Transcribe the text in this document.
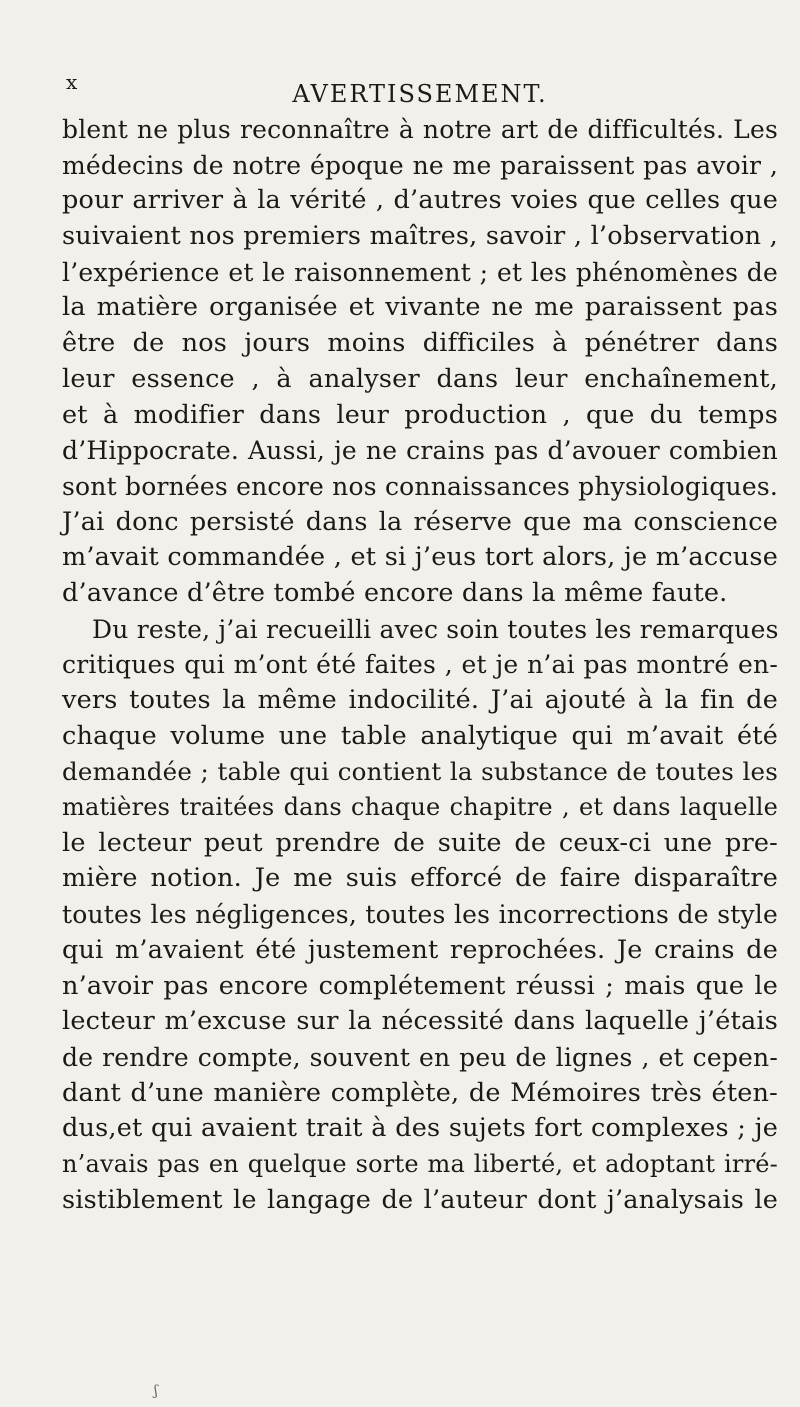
x	AVERTISSEMENT.
blent ne plus reconnaître à notre art de difficultés. Les
médecins de notre époque ne me paraissent pas avoir ,
pour arriver à la vérité , d’autres voies que celles que
suivaient nos premiers maîtres, savoir , l’observation ,
l’expérience et le raisonnement ; et les phénomènes de
la matière organisée et vivante ne me paraissent pas
être de nos jours moins difficiles à pénétrer dans
leur essence , à analyser dans leur enchaînement,
et à modifier dans leur production , que du temps
d’Hippocrate. Aussi, je ne crains pas d’avouer combien
sont bornées encore nos connaissances physiologiques.
J’ai donc persisté dans la réserve que ma conscience
m’avait commandée , et si j’eus tort alors, je m’accuse
d’avance d’être tombé encore dans la même faute.
Du reste, j’ai recueilli avec soin toutes les remarques
critiques qui m’ont été faites , et je n’ai pas montré en-
vers toutes la même indocilité. J’ai ajouté à la fin de
chaque volume une table analytique qui m’avait été
demandée ; table qui contient la substance de toutes les
matières traitées dans chaque chapitre , et dans laquelle
le lecteur peut prendre de suite de ceux-ci une pre-
mière notion. Je me suis efforcé de faire disparaître
toutes les négligences, toutes les incorrections de style
qui m’avaient été justement reprochées. Je crains de
n’avoir pas encore complétement réussi ; mais que le
lecteur m’excuse sur la nécessité dans laquelle j’étais
de rendre compte, souvent en peu de lignes , et cepen-
dant d’une manière complète, de Mémoires très éten-
dus,et qui avaient trait à des sujets fort complexes ; je
n’avais pas en quelque sorte ma liberté, et adoptant irré-
sistiblement le langage de l’auteur dont j’analysais le
ʃ
